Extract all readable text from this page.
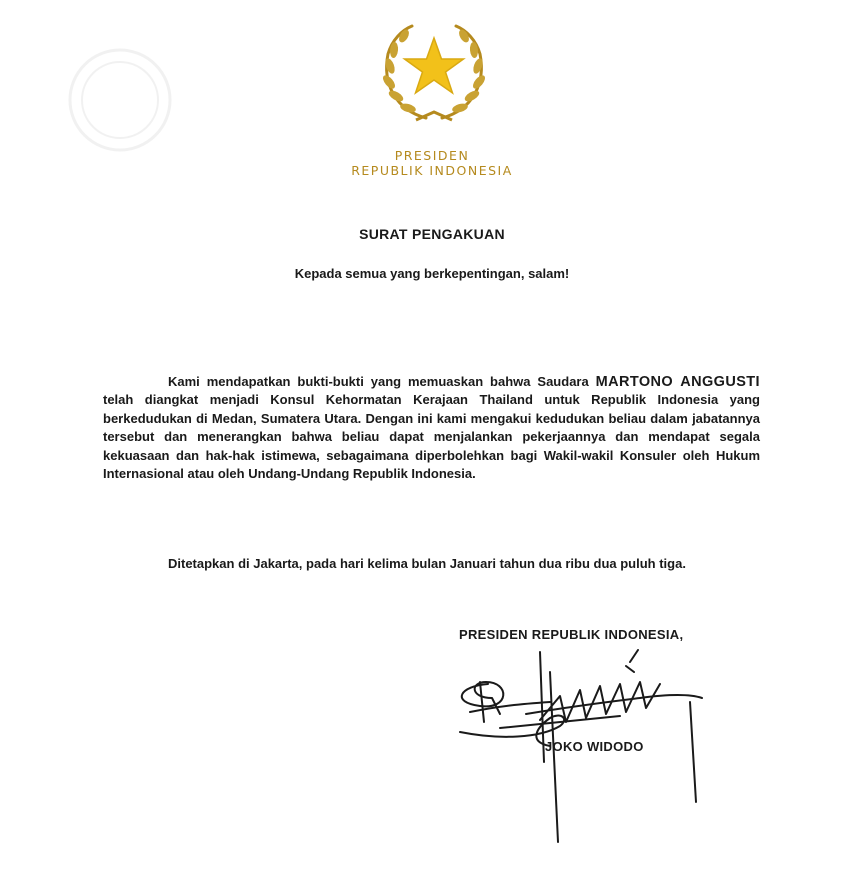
PRESIDEN
REPUBLIK INDONESIA
SURAT PENGAKUAN
Kepada semua yang berkepentingan, salam!

Kami mendapatkan bukti-bukti yang memuaskan bahwa Saudara MARTONO ANGGUSTI telah diangkat menjadi Konsul Kehormatan Kerajaan Thailand untuk Republik Indonesia yang berkedudukan di Medan, Sumatera Utara. Dengan ini kami mengakui kedudukan beliau dalam jabatannya tersebut dan menerangkan bahwa beliau dapat menjalankan pekerjaannya dan mendapat segala kekuasaan dan hak-hak istimewa, sebagaimana diperbolehkan bagi Wakil-wakil Konsuler oleh Hukum Internasional atau oleh Undang-Undang Republik Indonesia.

Ditetapkan di Jakarta, pada hari kelima bulan Januari tahun dua ribu dua puluh tiga.

PRESIDEN REPUBLIK INDONESIA,
JOKO WIDODO
